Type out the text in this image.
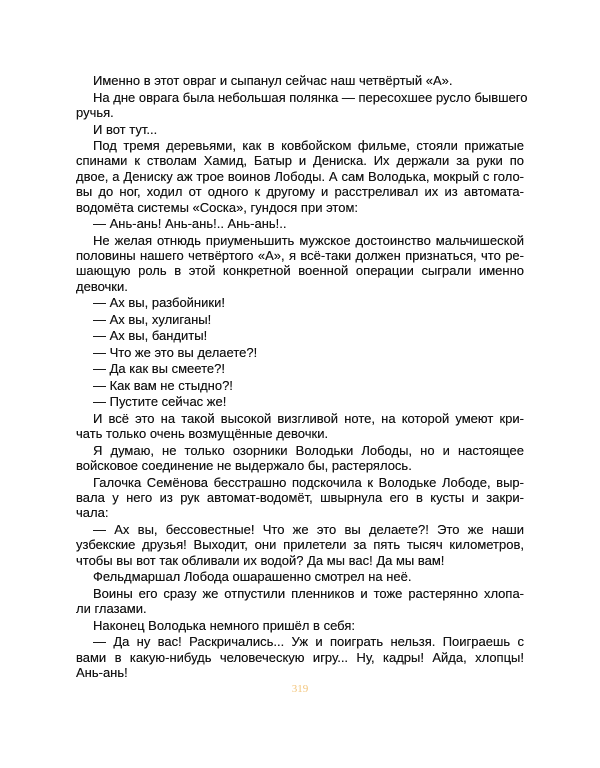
Именно в этот овраг и сыпанул сейчас наш четвёртый «А».
На дне оврага была небольшая полянка — пересохшее русло бывшего
ручья.
И вот тут...
Под тремя деревьями, как в ковбойском фильме, стояли прижатые
спинами к стволам Хамид, Батыр и Дениска. Их держали за руки по
двое, а Дениску аж трое воинов Лободы. А сам Володька, мокрый с голо-
вы до ног, ходил от одного к другому и расстреливал их из автомата-
водомёта системы «Соска», гундося при этом:
— Ань-ань! Ань-ань!.. Ань-ань!..
Не желая отнюдь приуменьшить мужское достоинство мальчишеской
половины нашего четвёртого «А», я всё-таки должен признаться, что ре-
шающую роль в этой конкретной военной операции сыграли именно
девочки.
— Ах вы, разбойники!
— Ах вы, хулиганы!
— Ах вы, бандиты!
— Что же это вы делаете?!
— Да как вы смеете?!
— Как вам не стыдно?!
— Пустите сейчас же!
И всё это на такой высокой визгливой ноте, на которой умеют кри-
чать только очень возмущённые девочки.
Я думаю, не только озорники Володьки Лободы, но и настоящее
войсковое соединение не выдержало бы, растерялось.
Галочка Семёнова бесстрашно подскочила к Володьке Лободе, выр-
вала у него из рук автомат-водомёт, швырнула его в кусты и закри-
чала:
— Ах вы, бессовестные! Что же это вы делаете?! Это же наши
узбекские друзья! Выходит, они прилетели за пять тысяч километров,
чтобы вы вот так обливали их водой? Да мы вас! Да мы вам!
Фельдмаршал Лобода ошарашенно смотрел на неё.
Воины его сразу же отпустили пленников и тоже растерянно хлопа-
ли глазами.
Наконец Володька немного пришёл в себя:
— Да ну вас! Раскричались... Уж и поиграть нельзя. Поиграешь с
вами в какую-нибудь человеческую игру... Ну, кадры! Айда, хлопцы!
Ань-ань!
319
